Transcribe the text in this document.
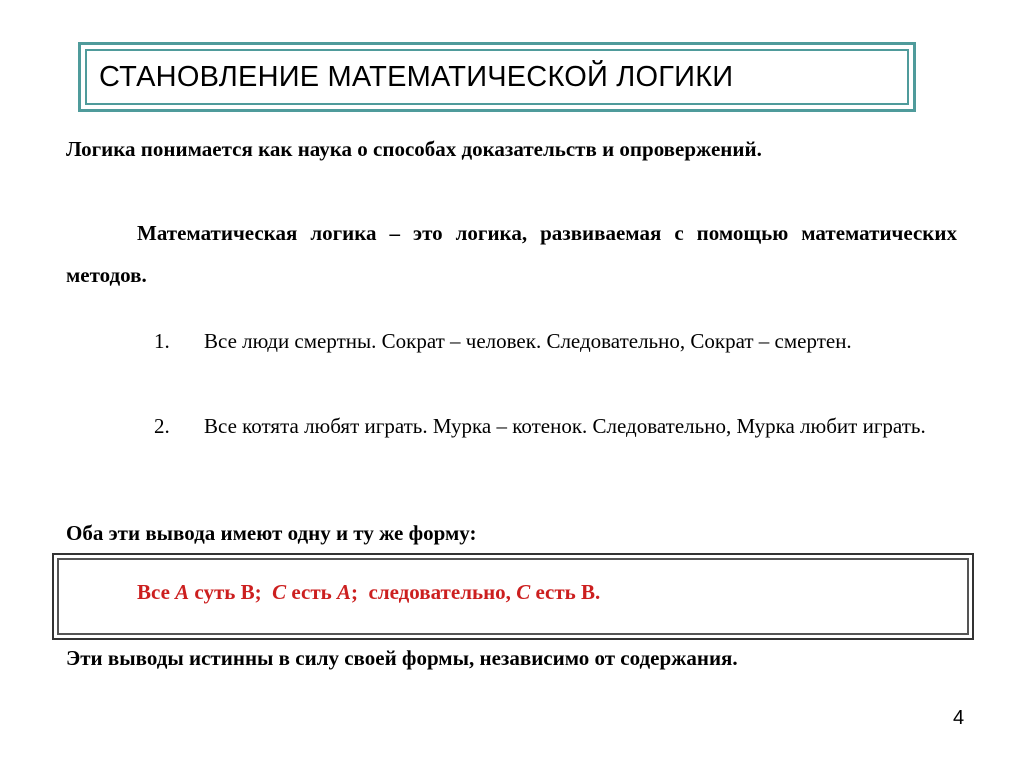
СТАНОВЛЕНИЕ МАТЕМАТИЧЕСКОЙ ЛОГИКИ
Логика понимается как наука о способах доказательств и опровержений.
Математическая логика – это логика, развиваемая с помощью математических методов.
1. Все люди смертны. Сократ – человек. Следовательно, Сократ – смертен.
2. Все котята любят играть. Мурка – котенок. Следовательно, Мурка любит играть.
Оба эти вывода имеют одну и ту же форму:
Все А суть В;  С есть А;  следовательно, С есть В.
Эти выводы истинны в силу своей формы, независимо от содержания.
4
